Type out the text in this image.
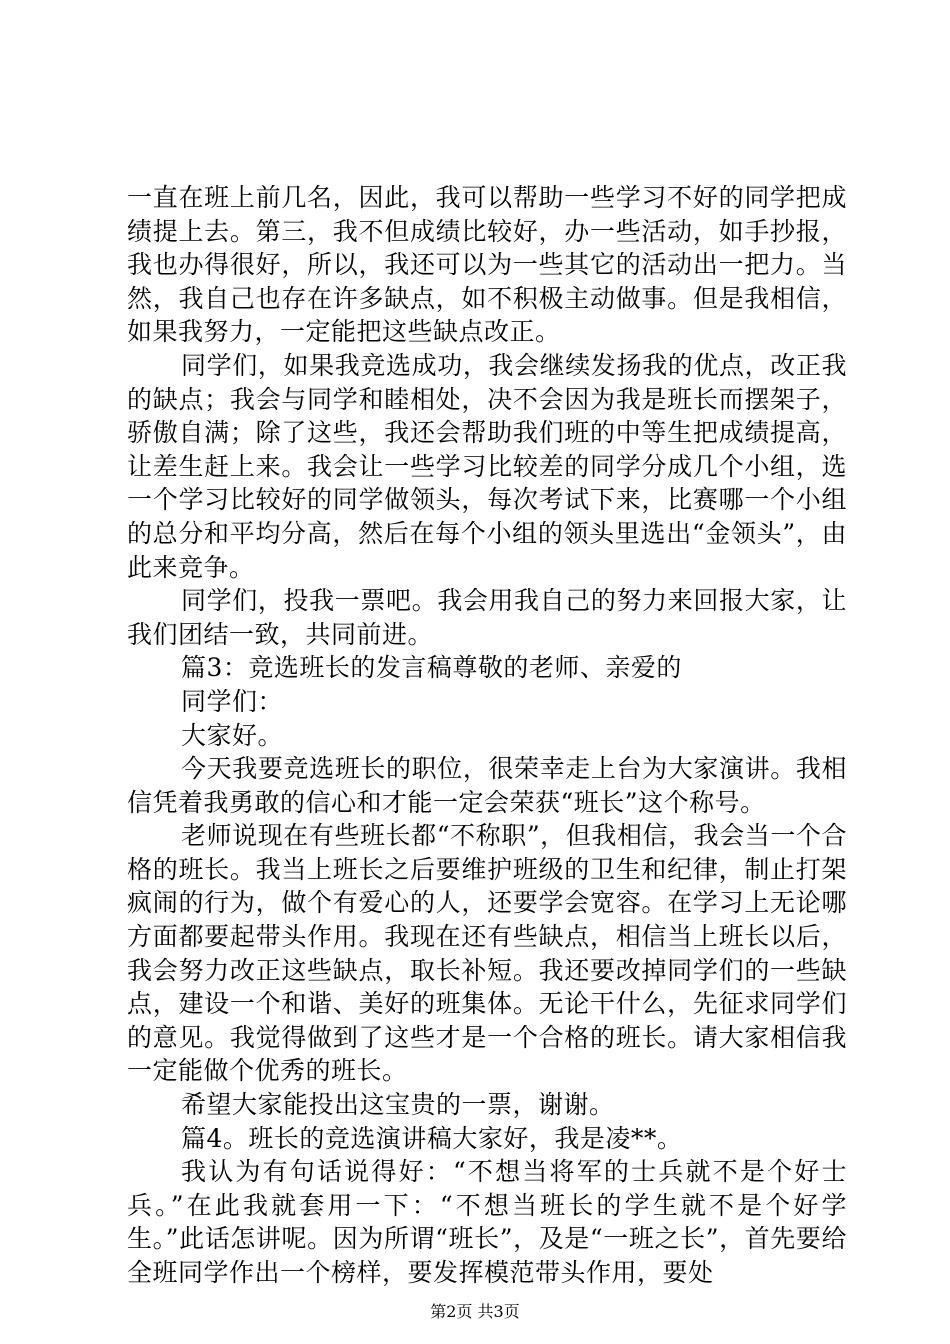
一直在班上前几名，因此，我可以帮助一些学习不好的同学把成绩提上去。第三，我不但成绩比较好，办一些活动，如手抄报，我也办得很好，所以，我还可以为一些其它的活动出一把力。当然，我自己也存在许多缺点，如不积极主动做事。但是我相信，如果我努力，一定能把这些缺点改正。

同学们，如果我竞选成功，我会继续发扬我的优点，改正我的缺点；我会与同学和睦相处，决不会因为我是班长而摆架子，骄傲自满；除了这些，我还会帮助我们班的中等生把成绩提高，让差生赶上来。我会让一些学习比较差的同学分成几个小组，选一个学习比较好的同学做领头，每次考试下来，比赛哪一个小组的总分和平均分高，然后在每个小组的领头里选出“金领头”，由此来竞争。

同学们，投我一票吧。我会用我自己的努力来回报大家，让我们团结一致，共同前进。

篇3：竞选班长的发言稿尊敬的老师、亲爱的

同学们：

大家好。

今天我要竞选班长的职位，很荣幸走上台为大家演讲。我相信凭着我勇敢的信心和才能一定会荣获“班长”这个称号。

老师说现在有些班长都“不称职”，但我相信，我会当一个合格的班长。我当上班长之后要维护班级的卫生和纪律，制止打架疯闹的行为，做个有爱心的人，还要学会宽容。在学习上无论哪方面都要起带头作用。我现在还有些缺点，相信当上班长以后，我会努力改正这些缺点，取长补短。我还要改掉同学们的一些缺点，建设一个和谐、美好的班集体。无论干什么，先征求同学们的意见。我觉得做到了这些才是一个合格的班长。请大家相信我一定能做个优秀的班长。

希望大家能投出这宝贵的一票，谢谢。

篇4。班长的竞选演讲稿大家好，我是凌**。

我认为有句话说得好：“不想当将军的士兵就不是个好士兵。”在此我就套用一下：“不想当班长的学生就不是个好学生。”此话怎讲呢。因为所谓“班长”，及是“一班之长”，首先要给全班同学作出一个榜样，要发挥模范带头作用，要处

第2页 共3页
